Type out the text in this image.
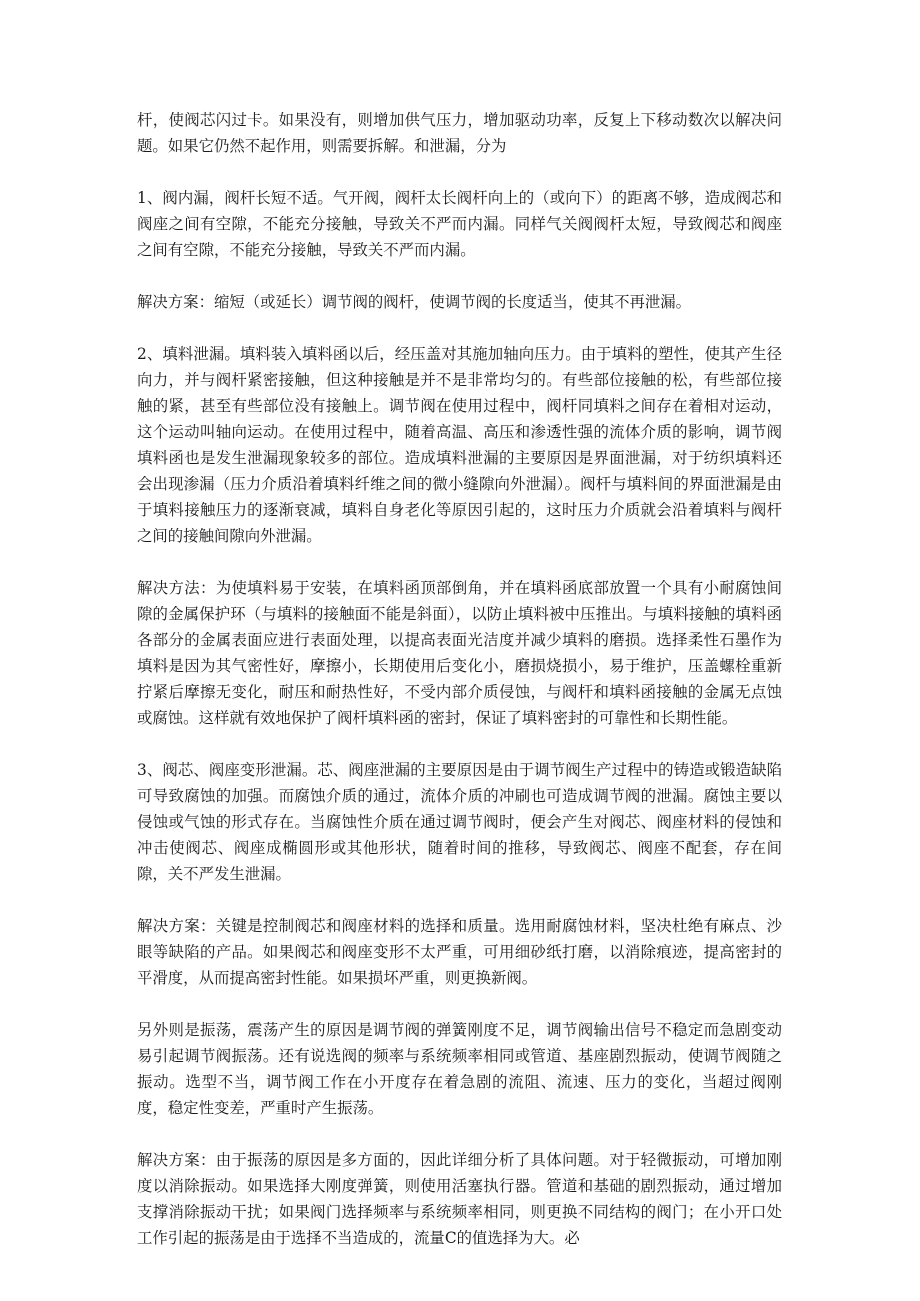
杆，使阀芯闪过卡。如果没有，则增加供气压力，增加驱动功率，反复上下移动数次以解决问题。如果它仍然不起作用，则需要拆解。和泄漏，分为

1、阀内漏，阀杆长短不适。气开阀，阀杆太长阀杆向上的（或向下）的距离不够，造成阀芯和阀座之间有空隙，不能充分接触，导致关不严而内漏。同样气关阀阀杆太短，导致阀芯和阀座之间有空隙，不能充分接触，导致关不严而内漏。

解决方案：缩短（或延长）调节阀的阀杆，使调节阀的长度适当，使其不再泄漏。

2、填料泄漏。填料装入填料函以后，经压盖对其施加轴向压力。由于填料的塑性，使其产生径向力，并与阀杆紧密接触，但这种接触是并不是非常均匀的。有些部位接触的松，有些部位接触的紧，甚至有些部位没有接触上。调节阀在使用过程中，阀杆同填料之间存在着相对运动，这个运动叫轴向运动。在使用过程中，随着高温、高压和渗透性强的流体介质的影响，调节阀填料函也是发生泄漏现象较多的部位。造成填料泄漏的主要原因是界面泄漏，对于纺织填料还会出现渗漏（压力介质沿着填料纤维之间的微小缝隙向外泄漏）。阀杆与填料间的界面泄漏是由于填料接触压力的逐渐衰减，填料自身老化等原因引起的，这时压力介质就会沿着填料与阀杆之间的接触间隙向外泄漏。

解决方法：为使填料易于安装，在填料函顶部倒角，并在填料函底部放置一个具有小耐腐蚀间隙的金属保护环（与填料的接触面不能是斜面），以防止填料被中压推出。与填料接触的填料函各部分的金属表面应进行表面处理，以提高表面光洁度并减少填料的磨损。选择柔性石墨作为填料是因为其气密性好，摩擦小，长期使用后变化小，磨损烧损小，易于维护，压盖螺栓重新拧紧后摩擦无变化，耐压和耐热性好，不受内部介质侵蚀，与阀杆和填料函接触的金属无点蚀或腐蚀。这样就有效地保护了阀杆填料函的密封，保证了填料密封的可靠性和长期性能。

3、阀芯、阀座变形泄漏。芯、阀座泄漏的主要原因是由于调节阀生产过程中的铸造或锻造缺陷可导致腐蚀的加强。而腐蚀介质的通过，流体介质的冲刷也可造成调节阀的泄漏。腐蚀主要以侵蚀或气蚀的形式存在。当腐蚀性介质在通过调节阀时，便会产生对阀芯、阀座材料的侵蚀和冲击使阀芯、阀座成椭圆形或其他形状，随着时间的推移，导致阀芯、阀座不配套，存在间隙，关不严发生泄漏。

解决方案：关键是控制阀芯和阀座材料的选择和质量。选用耐腐蚀材料，坚决杜绝有麻点、沙眼等缺陷的产品。如果阀芯和阀座变形不太严重，可用细砂纸打磨，以消除痕迹，提高密封的平滑度，从而提高密封性能。如果损坏严重，则更换新阀。

另外则是振荡，震荡产生的原因是调节阀的弹簧刚度不足，调节阀输出信号不稳定而急剧变动易引起调节阀振荡。还有说选阀的频率与系统频率相同或管道、基座剧烈振动，使调节阀随之振动。选型不当，调节阀工作在小开度存在着急剧的流阻、流速、压力的变化，当超过阀刚度，稳定性变差，严重时产生振荡。

解决方案：由于振荡的原因是多方面的，因此详细分析了具体问题。对于轻微振动，可增加刚度以消除振动。如果选择大刚度弹簧，则使用活塞执行器。管道和基础的剧烈振动，通过增加支撑消除振动干扰；如果阀门选择频率与系统频率相同，则更换不同结构的阀门；在小开口处工作引起的振荡是由于选择不当造成的，流量C的值选择为大。必
